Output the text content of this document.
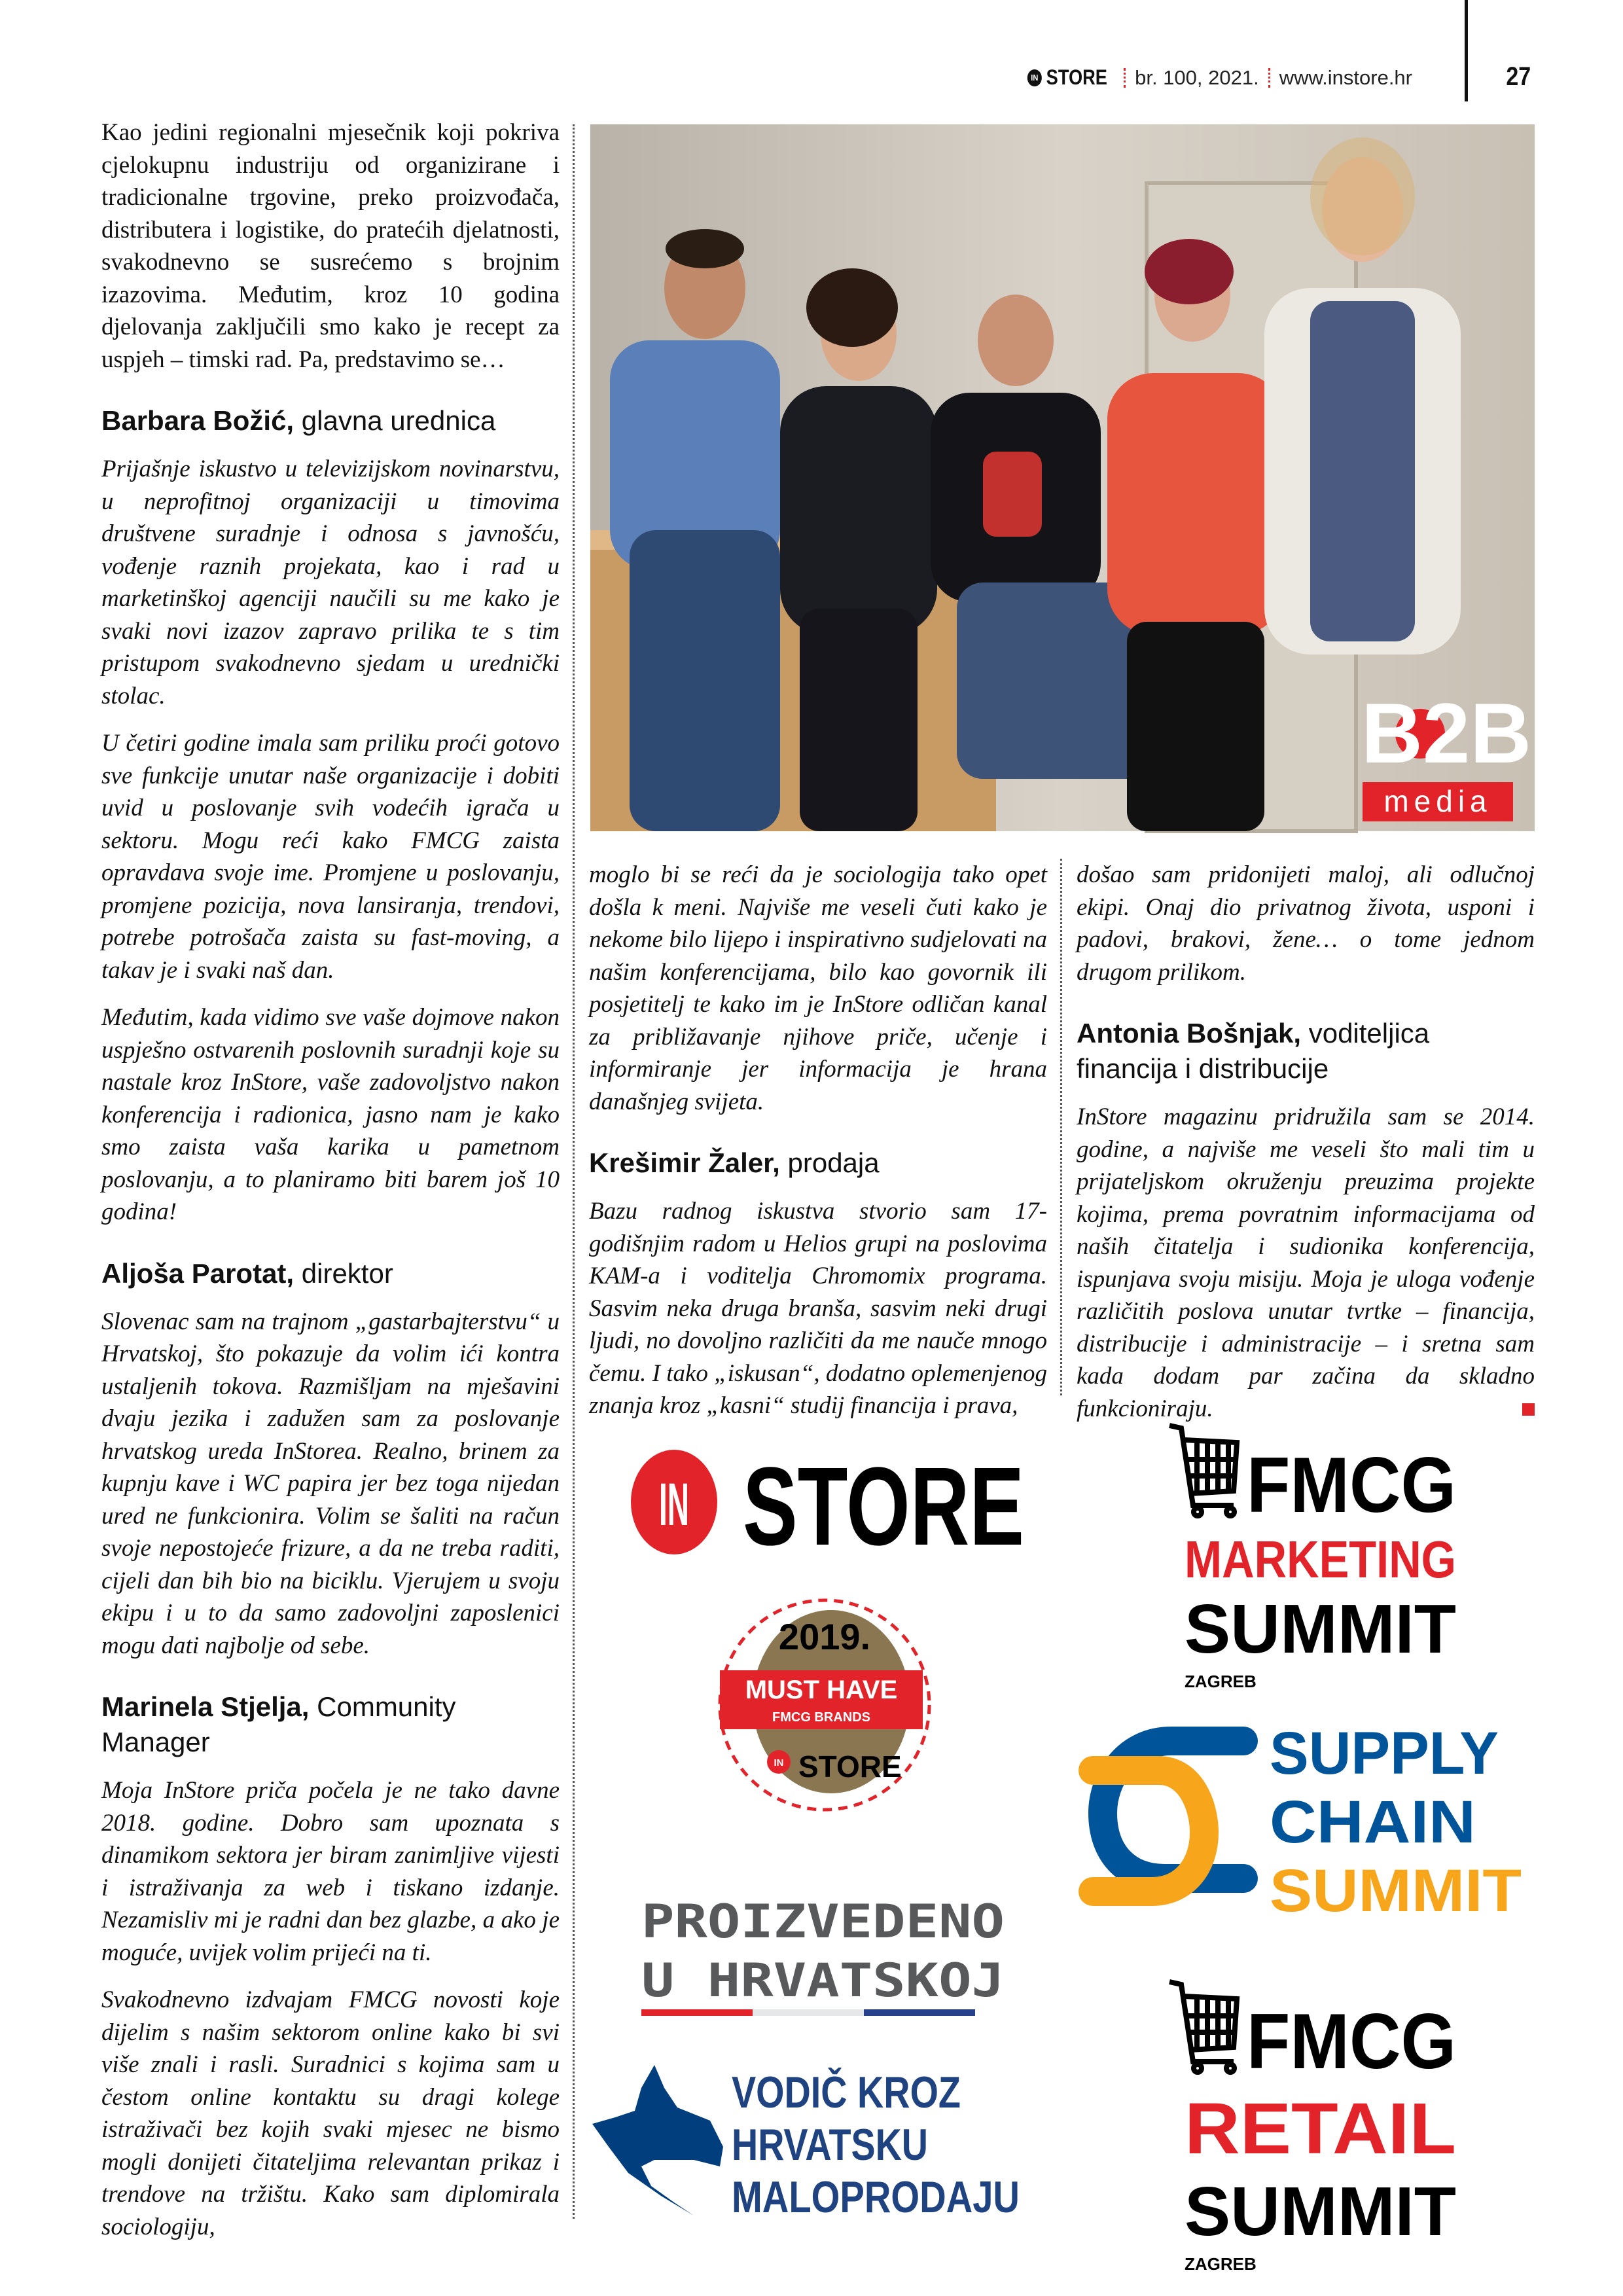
IN STORE br. 100, 2021. www.instore.hr	27

Kao jedini regionalni mjesečnik koji pokriva cjelokupnu industriju od organizirane i tradicionalne trgovine, preko proizvođača, distributera i logistike, do pratećih djelatnosti, svakodnevno se susrećemo s brojnim izazovima. Međutim, kroz 10 godina djelovanja zaključili smo kako je recept za uspjeh – timski rad. Pa, predstavimo se…

Barbara Božić, glavna urednica

Prijašnje iskustvo u televizijskom novinarstvu, u neprofitnoj organizaciji u timovima društvene suradnje i odnosa s javnošću, vođenje raznih projekata, kao i rad u marketinškoj agenciji naučili su me kako je svaki novi izazov zapravo prilika te s tim pristupom svakodnevno sjedam u urednički stolac.

U četiri godine imala sam priliku proći gotovo sve funkcije unutar naše organizacije i dobiti uvid u poslovanje svih vodećih igrača u sektoru. Mogu reći kako FMCG zaista opravdava svoje ime. Promjene u poslovanju, promjene pozicija, nova lansiranja, trendovi, potrebe potrošača zaista su fast-moving, a takav je i svaki naš dan.

Međutim, kada vidimo sve vaše dojmove nakon uspješno ostvarenih poslovnih suradnji koje su nastale kroz InStore, vaše zadovoljstvo nakon konferencija i radionica, jasno nam je kako smo zaista vaša karika u pametnom poslovanju, a to planiramo biti barem još 10 godina!

Aljoša Parotat, direktor

Slovenac sam na trajnom „gastarbajterstvu“ u Hrvatskoj, što pokazuje da volim ići kontra ustaljenih tokova. Razmišljam na mješavini dvaju jezika i zadužen sam za poslovanje hrvatskog ureda InStorea. Realno, brinem za kupnju kave i WC papira jer bez toga nijedan ured ne funkcionira. Volim se šaliti na račun svoje nepostojeće frizure, a da ne treba raditi, cijeli dan bih bio na biciklu. Vjerujem u svoju ekipu i u to da samo zadovoljni zaposlenici mogu dati najbolje od sebe.

Marinela Stjelja, Community Manager

Moja InStore priča počela je ne tako davne 2018. godine. Dobro sam upoznata s dinamikom sektora jer biram zanimljive vijesti i istraživanja za web i tiskano izdanje. Nezamisliv mi je radni dan bez glazbe, a ako je moguće, uvijek volim prijeći na ti.

Svakodnevno izdvajam FMCG novosti koje dijelim s našim sektorom online kako bi svi više znali i rasli. Suradnici s kojima sam u čestom online kontaktu su dragi kolege istraživači bez kojih svaki mjesec ne bismo mogli donijeti čitateljima relevantan prikaz i trendove na tržištu. Kako sam diplomirala sociologiju,

B2B
media

moglo bi se reći da je sociologija tako opet došla k meni. Najviše me veseli čuti kako je nekome bilo lijepo i inspirativno sudjelovati na našim konferencijama, bilo kao govornik ili posjetitelj te kako im je InStore odličan kanal za približavanje njihove priče, učenje i informiranje jer informacija je hrana današnjeg svijeta.

Krešimir Žaler, prodaja

Bazu radnog iskustva stvorio sam 17-godišnjim radom u Helios grupi na poslovima KAM-a i voditelja Chromomix programa. Sasvim neka druga branša, sasvim neki drugi ljudi, no dovoljno različiti da me nauče mnogo čemu. I tako „iskusan“, dodatno oplemenjenog znanja kroz „kasni“ studij financija i prava,

došao sam pridonijeti maloj, ali odlučnoj ekipi. Onaj dio privatnog života, usponi i padovi, brakovi, žene… o tome jednom drugom prilikom.

Antonia Bošnjak, voditeljica financija i distribucije

InStore magazinu pridružila sam se 2014. godine, a najviše me veseli što mali tim u prijateljskom okruženju preuzima projekte kojima, prema povratnim informacijama od naših čitatelja i sudionika konferencija, ispunjava svoju misiju. Moja je uloga vođenje različitih poslova unutar tvrtke – financija, distribucije i administracije – i sretna sam kada dodam par začina da skladno funkcioniraju.

IN STORE	FMCG
MARKETING
SUMMIT
ZAGREB
2019.
MUST HAVE
FMCG BRANDS
IN STORE	SUPPLY
CHAIN
SUMMIT
PROIZVEDENO
U HRVATSKOJ
VODIČ KROZ
HRVATSKU
MALOPRODAJU
FMCG
RETAIL
SUMMIT
ZAGREB
